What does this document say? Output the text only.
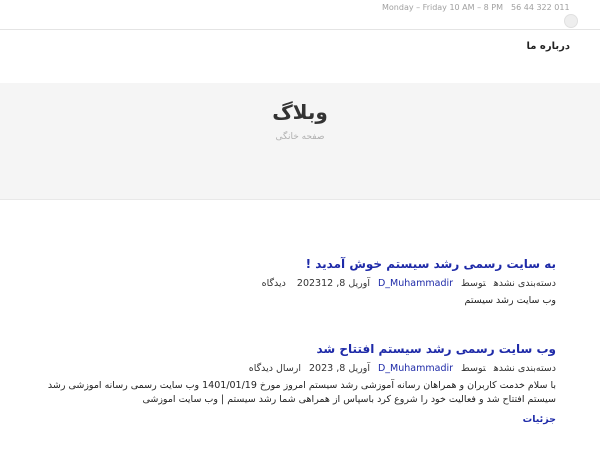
Monday – Friday 10 AM – 8 PM 56 44 322 011
درباره ما
وبلاگ
صفحه خانگی
به سایت رسمی رشد سیستم خوش آمدید !
دسته‌بندی نشدهتوسطD_Muhammadirآوریل 8, 202312 دیدگاه

وب سایت رشد سیستم

وب سایت رسمی رشد سیستم افتتاح شد
دسته‌بندی نشدهتوسطD_Muhammadirآوریل 8, 2023ارسال دیدگاه

با سلام خدمت کاربران و همراهان رسانه آموزشی رشد سیستم امروز مورخ 1401/01/19 وب سایت رسمی رسانه اموزشی رشد سیستم افتتاح شد و فعالیت خود را شروع کرد باسپاس از همراهی شما رشد سیستم | وب سایت اموزشی

جزئیات
